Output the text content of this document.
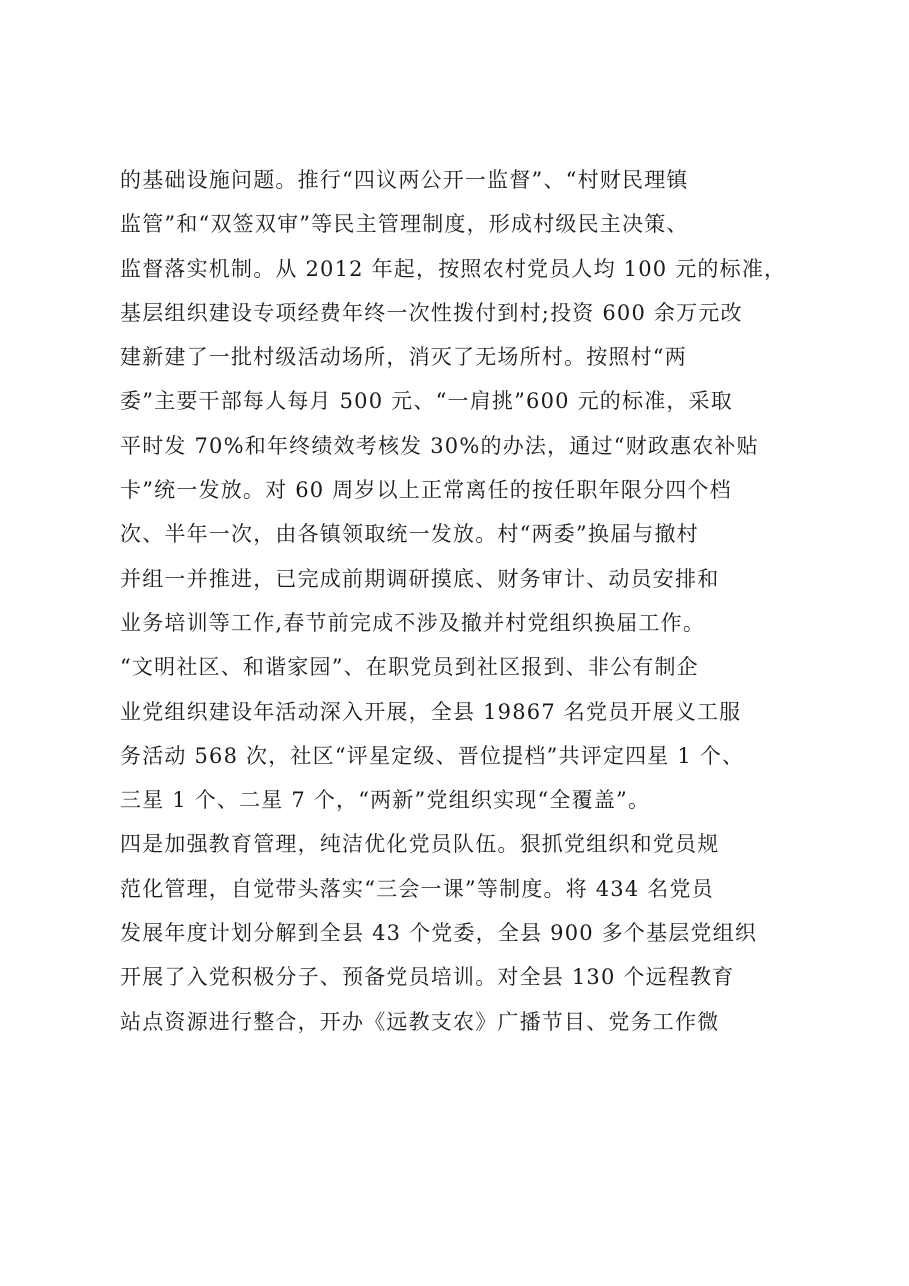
的基础设施问题。推行“四议两公开一监督”、“村财民理镇
监管”和“双签双审”等民主管理制度，形成村级民主决策、
监督落实机制。从 2012 年起，按照农村党员人均 100 元的标准，
基层组织建设专项经费年终一次性拨付到村;投资 600 余万元改
建新建了一批村级活动场所，消灭了无场所村。按照村“两
委”主要干部每人每月 500 元、“一肩挑”600 元的标准，采取
平时发 70%和年终绩效考核发 30%的办法，通过“财政惠农补贴
卡”统一发放。对 60 周岁以上正常离任的按任职年限分四个档
次、半年一次，由各镇领取统一发放。村“两委”换届与撤村
并组一并推进，已完成前期调研摸底、财务审计、动员安排和
业务培训等工作,春节前完成不涉及撤并村党组织换届工作。
“文明社区、和谐家园”、在职党员到社区报到、非公有制企
业党组织建设年活动深入开展，全县 19867 名党员开展义工服
务活动 568 次，社区“评星定级、晋位提档”共评定四星 1 个、
三星 1 个、二星 7 个，“两新”党组织实现“全覆盖”。
四是加强教育管理，纯洁优化党员队伍。狠抓党组织和党员规
范化管理，自觉带头落实“三会一课”等制度。将 434 名党员
发展年度计划分解到全县 43 个党委，全县 900 多个基层党组织
开展了入党积极分子、预备党员培训。对全县 130 个远程教育
站点资源进行整合，开办《远教支农》广播节目、党务工作微
